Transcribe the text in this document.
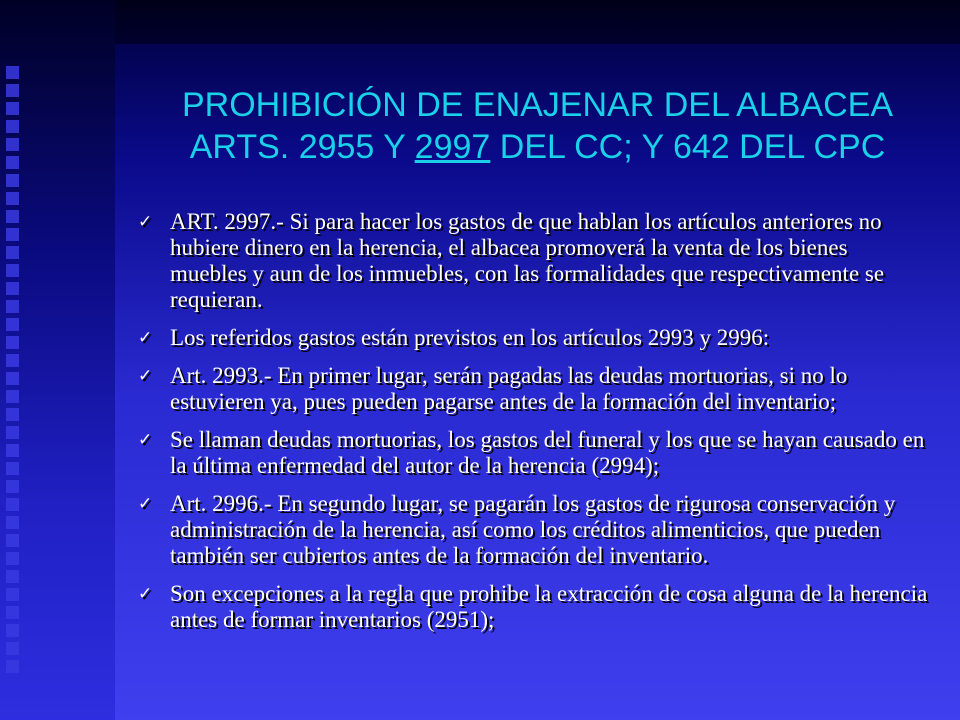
PROHIBICIÓN DE ENAJENAR DEL ALBACEA
ARTS. 2955 Y 2997 DEL CC; Y 642 DEL CPC
✓ ART. 2997.- Si para hacer los gastos de que hablan los artículos anteriores no hubiere dinero en la herencia, el albacea promoverá la venta de los bienes muebles y aun de los inmuebles, con las formalidades que respectivamente se requieran.
✓ Los referidos gastos están previstos en los artículos 2993 y 2996:
✓ Art. 2993.- En primer lugar, serán pagadas las deudas mortuorias, si no lo estuvieren ya, pues pueden pagarse antes de la formación del inventario;
✓ Se llaman deudas mortuorias, los gastos del funeral y los que se hayan causado en la última enfermedad del autor de la herencia (2994);
✓ Art. 2996.- En segundo lugar, se pagarán los gastos de rigurosa conservación y administración de la herencia, así como los créditos alimenticios, que pueden también ser cubiertos antes de la formación del inventario.
✓ Son excepciones a la regla que prohibe la extracción de cosa alguna de la herencia antes de formar inventarios (2951);
